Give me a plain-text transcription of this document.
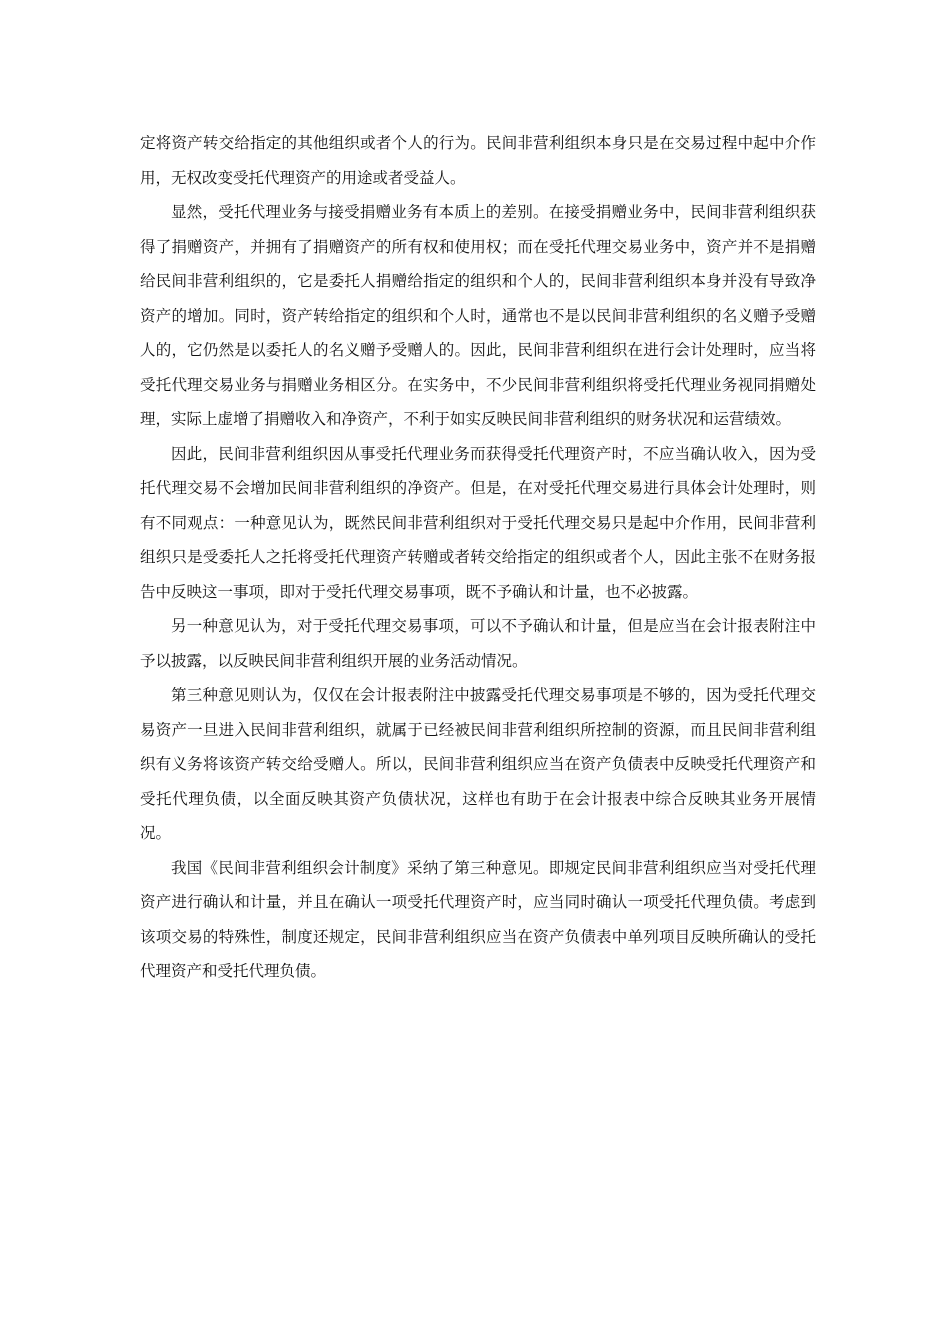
定将资产转交给指定的其他组织或者个人的行为。民间非营利组织本身只是在交易过程中起中介作用，无权改变受托代理资产的用途或者受益人。

显然，受托代理业务与接受捐赠业务有本质上的差别。在接受捐赠业务中，民间非营利组织获得了捐赠资产，并拥有了捐赠资产的所有权和使用权；而在受托代理交易业务中，资产并不是捐赠给民间非营利组织的，它是委托人捐赠给指定的组织和个人的，民间非营利组织本身并没有导致净资产的增加。同时，资产转给指定的组织和个人时，通常也不是以民间非营利组织的名义赠予受赠人的，它仍然是以委托人的名义赠予受赠人的。因此，民间非营利组织在进行会计处理时，应当将受托代理交易业务与捐赠业务相区分。在实务中，不少民间非营利组织将受托代理业务视同捐赠处理，实际上虚增了捐赠收入和净资产，不利于如实反映民间非营利组织的财务状况和运营绩效。

因此，民间非营利组织因从事受托代理业务而获得受托代理资产时，不应当确认收入，因为受托代理交易不会增加民间非营利组织的净资产。但是，在对受托代理交易进行具体会计处理时，则有不同观点：一种意见认为，既然民间非营利组织对于受托代理交易只是起中介作用，民间非营利组织只是受委托人之托将受托代理资产转赠或者转交给指定的组织或者个人，因此主张不在财务报告中反映这一事项，即对于受托代理交易事项，既不予确认和计量，也不必披露。

另一种意见认为，对于受托代理交易事项，可以不予确认和计量，但是应当在会计报表附注中予以披露，以反映民间非营利组织开展的业务活动情况。

第三种意见则认为，仅仅在会计报表附注中披露受托代理交易事项是不够的，因为受托代理交易资产一旦进入民间非营利组织，就属于已经被民间非营利组织所控制的资源，而且民间非营利组织有义务将该资产转交给受赠人。所以，民间非营利组织应当在资产负债表中反映受托代理资产和受托代理负债，以全面反映其资产负债状况，这样也有助于在会计报表中综合反映其业务开展情况。

我国《民间非营利组织会计制度》采纳了第三种意见。即规定民间非营利组织应当对受托代理资产进行确认和计量，并且在确认一项受托代理资产时，应当同时确认一项受托代理负债。考虑到该项交易的特殊性，制度还规定，民间非营利组织应当在资产负债表中单列项目反映所确认的受托代理资产和受托代理负债。
